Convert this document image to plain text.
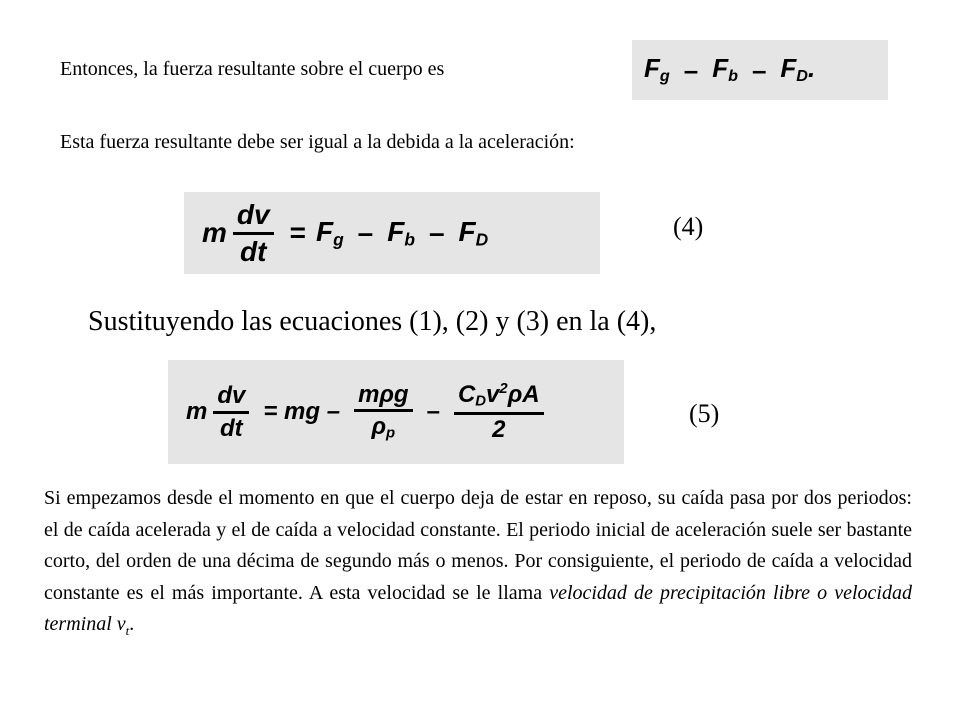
Entonces, la fuerza resultante sobre el cuerpo es	$F_g - F_b - F_D$.
Esta fuerza resultante debe ser igual a la debida a la aceleración:
m $\frac{dv}{dt} = F_g - F_b - F_D$	(4)
Sustituyendo las ecuaciones (1), (2) y (3) en la (4),
m $\frac{dv}{dt}$ = mg – $\frac{\text{mρg}}{\rho_p} - \frac{C_Dv^2\rho A}{2}$	(5)
Si empezamos desde el momento en que el cuerpo deja de estar en reposo, su caída pasa por dos periodos: el de caída acelerada y el de caída a velocidad constante. El periodo inicial de aceleración suele ser bastante corto, del orden de una décima de segundo más o menos. Por consiguiente, el periodo de caída a velocidad constante es el más importante. A esta velocidad se le llama velocidad de precipitación libre o velocidad terminal $v_t$.
